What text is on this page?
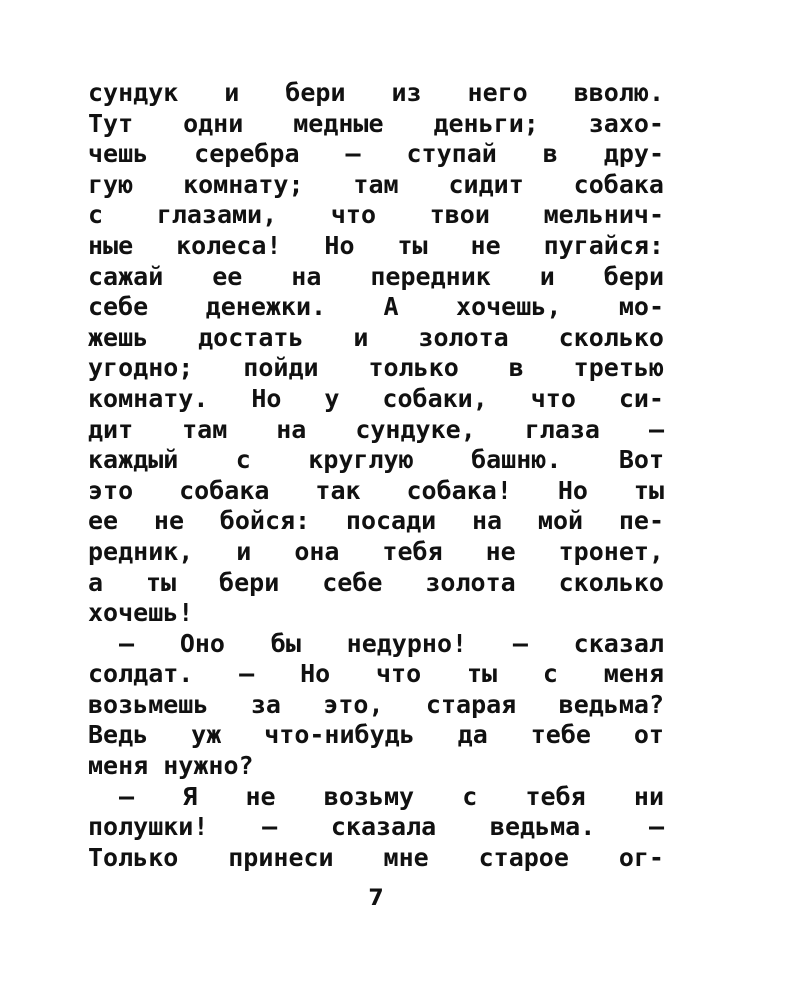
сундук и бери из него вволю.
Тут одни медные деньги; захо-
чешь серебра — ступай в дру-
гую комнату; там сидит собака
с глазами, что твои мельнич-
ные колеса! Но ты не пугайся:
сажай ее на передник и бери
себе денежки. А хочешь, мо-
жешь достать и золота сколько
угодно; пойди только в третью
комнату. Но у собаки, что си-
дит там на сундуке, глаза —
каждый с круглую башню. Вот
это собака так собака! Но ты
ее не бойся: посади на мой пе-
редник, и она тебя не тронет,
а ты бери себе золота сколько
хочешь!
— Оно бы недурно! — сказал
солдат. — Но что ты с меня
возьмешь за это, старая ведьма?
Ведь уж что-нибудь да тебе от
меня нужно?
— Я не возьму с тебя ни
полушки! — сказала ведьма. —
Только принеси мне старое ог-
7
